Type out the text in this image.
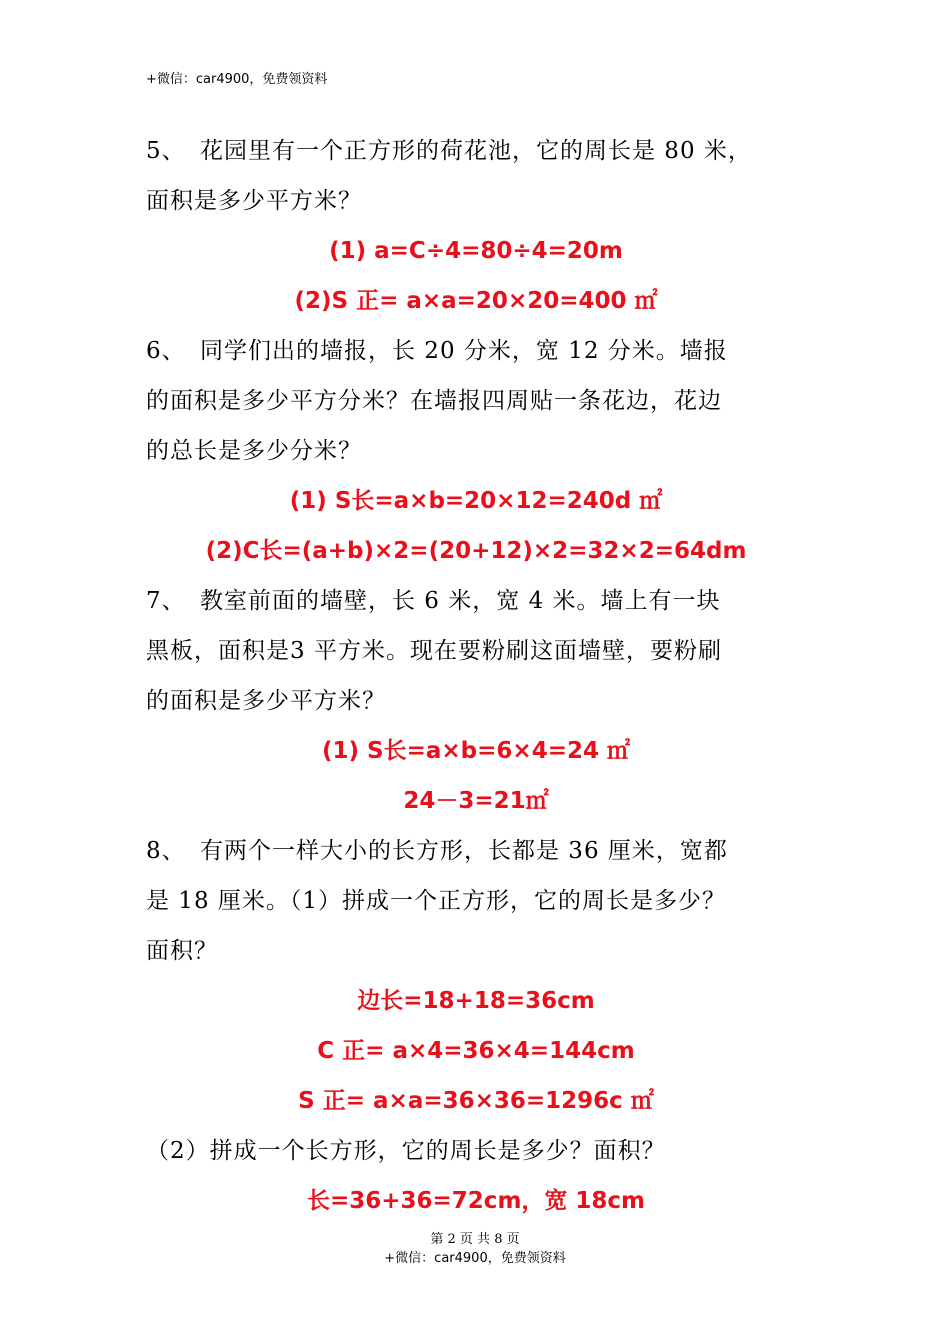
+微信：car4900，免费领资料

5、 花园里有一个正方形的荷花池，它的周长是 80 米，

面积是多少平方米？

(1) a=C÷4=80÷4=20m

(2)S 正= a×a=20×20=400 ㎡

6、 同学们出的墙报，长 20 分米，宽 12 分米。墙报

的面积是多少平方分米？在墙报四周贴一条花边，花边

的总长是多少分米？

(1) S长=a×b=20×12=240d ㎡

(2)C长=(a+b)×2=(20+12)×2=32×2=64dm

7、 教室前面的墙壁，长 6 米，宽 4 米。墙上有一块

黑板，面积是3 平方米。现在要粉刷这面墙壁，要粉刷

的面积是多少平方米？

(1) S长=a×b=6×4=24 ㎡

24－3=21㎡

8、 有两个一样大小的长方形，长都是 36 厘米，宽都

是 18 厘米。（1）拼成一个正方形，它的周长是多少？

面积？

边长=18+18=36cm

C 正= a×4=36×4=144cm

S 正= a×a=36×36=1296c ㎡

（2）拼成一个长方形，它的周长是多少？面积？

长=36+36=72cm，宽 18cm

第 2 页 共 8 页
+微信：car4900，免费领资料
